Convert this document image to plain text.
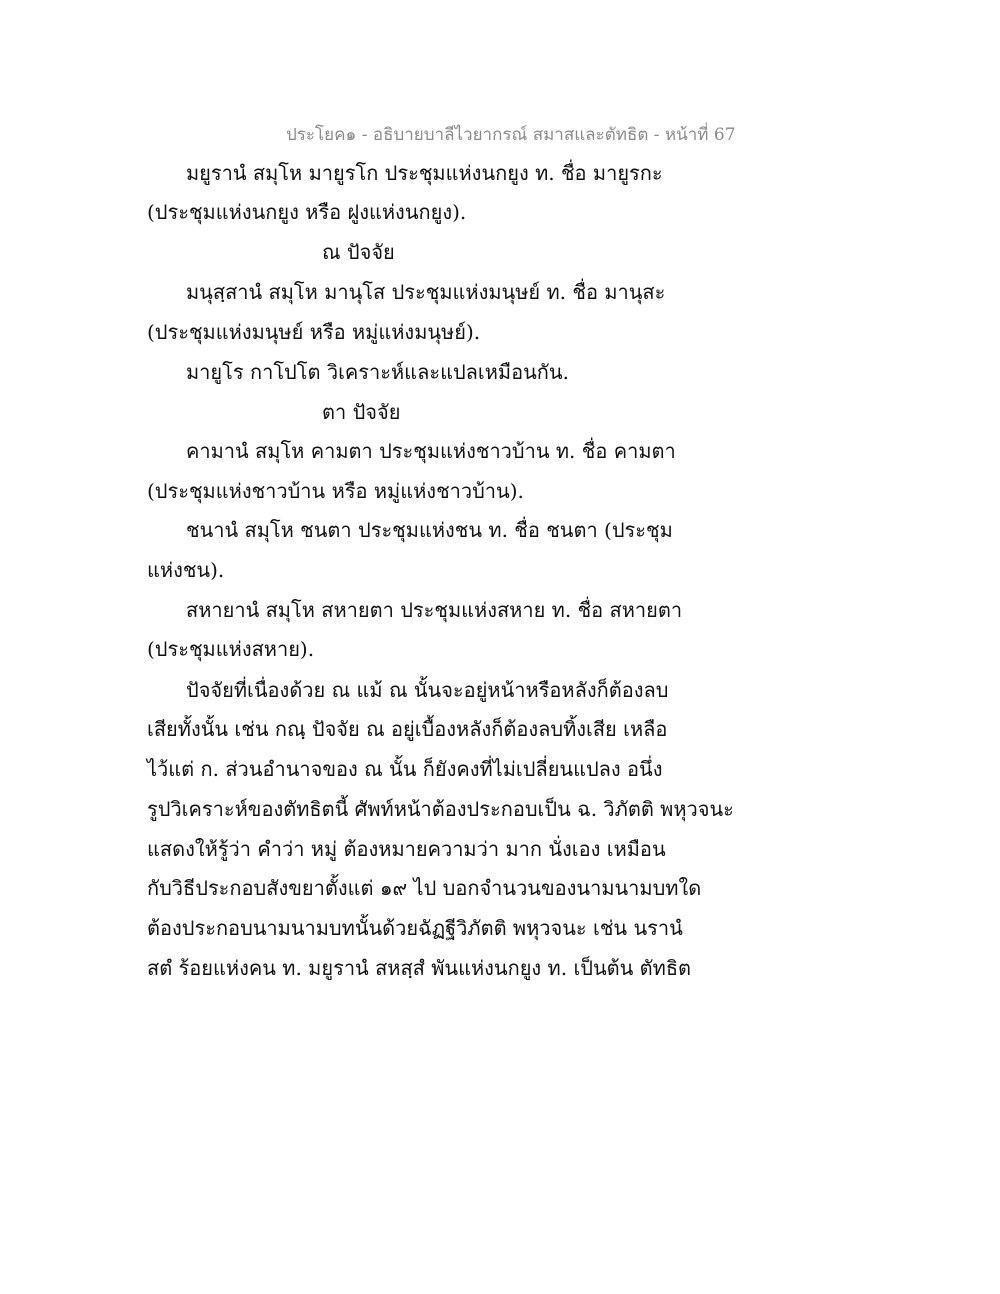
ประโยค๑ - อธิบายบาลีไวยากรณ์ สมาสและตัทธิต - หน้าที่ 67
มยูรานํ สมุโห มายูรโก ประชุมแห่งนกยูง ท. ชื่อ มายูรกะ
(ประชุมแห่งนกยูง หรือ ฝูงแห่งนกยูง).
ณ ปัจจัย
มนุสฺสานํ สมุโห มานุโส ประชุมแห่งมนุษย์ ท. ชื่อ มานุสะ
(ประชุมแห่งมนุษย์ หรือ หมู่แห่งมนุษย์).
มายูโร กาโปโต วิเคราะห์และแปลเหมือนกัน.
ตา ปัจจัย
คามานํ สมุโห คามตา ประชุมแห่งชาวบ้าน ท. ชื่อ คามตา
(ประชุมแห่งชาวบ้าน หรือ หมู่แห่งชาวบ้าน).
ชนานํ สมุโห ชนตา ประชุมแห่งชน ท. ชื่อ ชนตา (ประชุม
แห่งชน).
สหายานํ สมุโห สหายตา ประชุมแห่งสหาย ท. ชื่อ สหายตา
(ประชุมแห่งสหาย).
ปัจจัยที่เนื่องด้วย ณ แม้ ณ นั้นจะอยู่หน้าหรือหลังก็ต้องลบ
เสียทั้งนั้น เช่น กณฺ ปัจจัย ณ อยู่เบื้องหลังก็ต้องลบทิ้งเสีย เหลือ
ไว้แต่ ก. ส่วนอำนาจของ ณ นั้น ก็ยังคงที่ไม่เปลี่ยนแปลง อนึ่ง
รูปวิเคราะห์ของตัทธิตนี้ ศัพท์หน้าต้องประกอบเป็น ฉ. วิภัตติ พหุวจนะ
แสดงให้รู้ว่า คำว่า หมู่ ต้องหมายความว่า มาก นั่งเอง เหมือน
กับวิธีประกอบสังขยาตั้งแต่ ๑๙ ไป บอกจำนวนของนามนามบทใด
ต้องประกอบนามนามบทนั้นด้วยฉัฏฐีวิภัตติ พหุวจนะ เช่น นรานํ
สตํ ร้อยแห่งคน ท. มยูรานํ สหสฺสํ พันแห่งนกยูง ท. เป็นต้น ตัทธิต
